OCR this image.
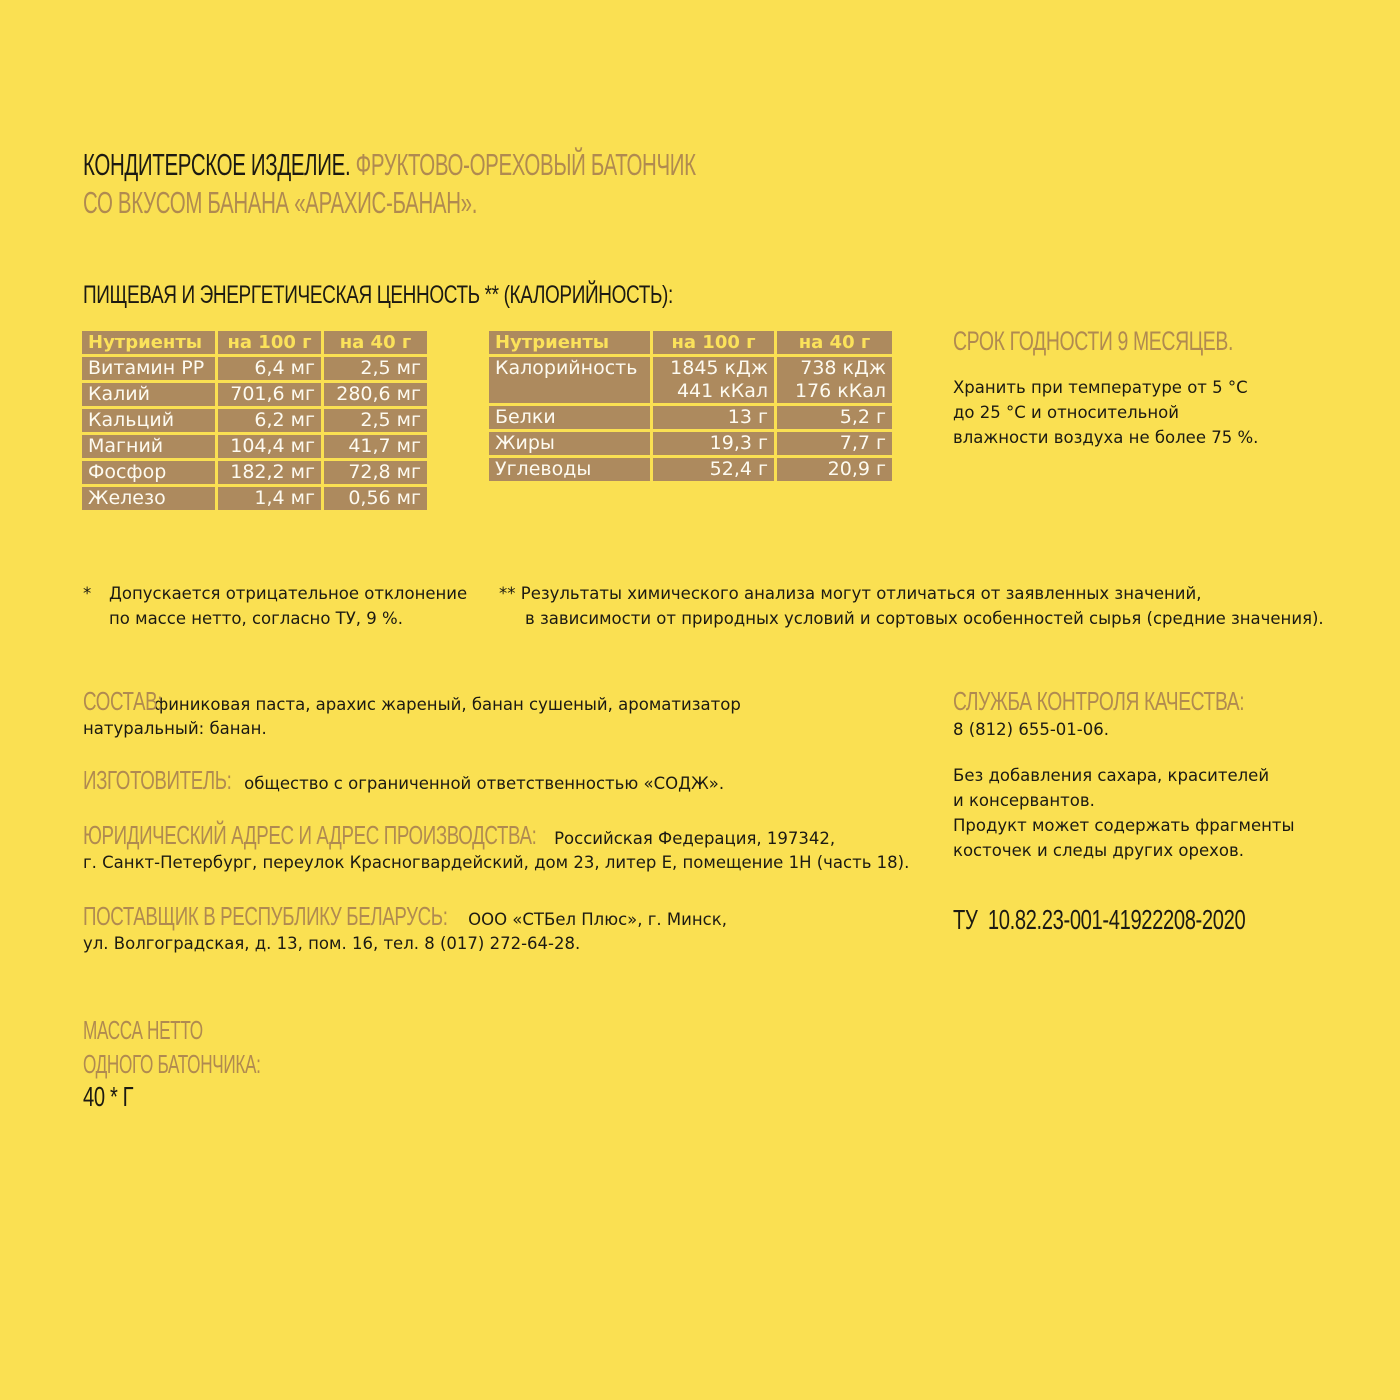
КОНДИТЕРСКОЕ ИЗДЕЛИЕ. ФРУКТОВО-ОРЕХОВЫЙ БАТОНЧИК
СО ВКУСОМ БАНАНА «АРАХИС-БАНАН».
ПИЩЕВАЯ И ЭНЕРГЕТИЧЕСКАЯ ЦЕННОСТЬ ** (КАЛОРИЙНОСТЬ):
Нутриенты	на 100 г	на 40 г
Витамин РР	6,4 мг	2,5 мг
Калий	701,6 мг	280,6 мг
Кальций	6,2 мг	2,5 мг
Магний	104,4 мг	41,7 мг
Фосфор	182,2 мг	72,8 мг
Железо	1,4 мг	0,56 мг
Нутриенты	на 100 г	на 40 г
Калорийность	1845 кДж	738 кДж
	441 кКал	176 кКал
Белки	13 г	5,2 г
Жиры	19,3 г	7,7 г
Углеводы	52,4 г	20,9 г
СРОК ГОДНОСТИ 9 МЕСЯЦЕВ.
Хранить при температуре от 5 °С
до 25 °С и относительной
влажности воздуха не более 75 %.
* Допускается отрицательное отклонение
по массе нетто, согласно ТУ, 9 %.
** Результаты химического анализа могут отличаться от заявленных значений,
в зависимости от природных условий и сортовых особенностей сырья (средние значения).
СОСТАВ: финиковая паста, арахис жареный, банан сушеный, ароматизатор
натуральный: банан.
ИЗГОТОВИТЕЛЬ: общество с ограниченной ответственностью «СОДЖ».
ЮРИДИЧЕСКИЙ АДРЕС И АДРЕС ПРОИЗВОДСТВА: Российская Федерация, 197342,
г. Санкт-Петербург, переулок Красногвардейский, дом 23, литер Е, помещение 1Н (часть 18).
ПОСТАВЩИК В РЕСПУБЛИКУ БЕЛАРУСЬ: ООО «СТБел Плюс», г. Минск,
ул. Волгоградская, д. 13, пом. 16, тел. 8 (017) 272-64-28.
СЛУЖБА КОНТРОЛЯ КАЧЕСТВА:
8 (812) 655-01-06.
Без добавления сахара, красителей
и консервантов.
Продукт может содержать фрагменты
косточек и следы других орехов.
ТУ  10.82.23-001-41922208-2020
МАССА НЕТТО
ОДНОГО БАТОНЧИКА:
40 * Г
